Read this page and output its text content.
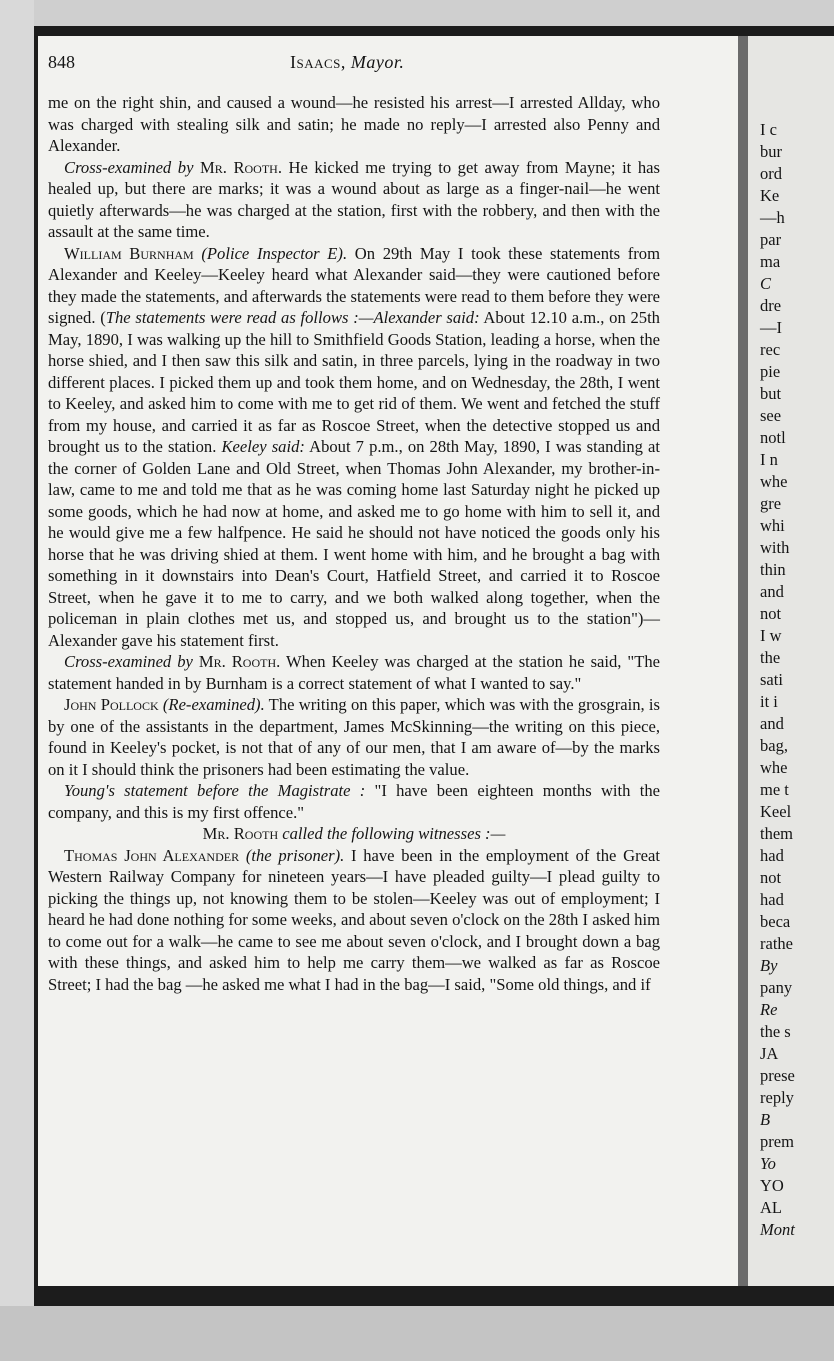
848	Isaacs, Mayor.

me on the right shin, and caused a wound—he resisted his arrest—I arrested Allday, who was charged with stealing silk and satin; he made no reply—I arrested also Penny and Alexander.

Cross-examined by Mr. Rooth. He kicked me trying to get away from Mayne; it has healed up, but there are marks; it was a wound about as large as a finger-nail—he went quietly afterwards—he was charged at the station, first with the robbery, and then with the assault at the same time.

William Burnham (Police Inspector E). On 29th May I took these statements from Alexander and Keeley—Keeley heard what Alexander said—they were cautioned before they made the statements, and afterwards the statements were read to them before they were signed. (The statements were read as follows :—Alexander said: About 12.10 a.m., on 25th May, 1890, I was walking up the hill to Smithfield Goods Station, leading a horse, when the horse shied, and I then saw this silk and satin, in three parcels, lying in the roadway in two different places. I picked them up and took them home, and on Wednesday, the 28th, I went to Keeley, and asked him to come with me to get rid of them. We went and fetched the stuff from my house, and carried it as far as Roscoe Street, when the detective stopped us and brought us to the station. Keeley said: About 7 p.m., on 28th May, 1890, I was standing at the corner of Golden Lane and Old Street, when Thomas John Alexander, my brother-in-law, came to me and told me that as he was coming home last Saturday night he picked up some goods, which he had now at home, and asked me to go home with him to sell it, and he would give me a few halfpence. He said he should not have noticed the goods only his horse that he was driving shied at them. I went home with him, and he brought a bag with something in it downstairs into Dean's Court, Hatfield Street, and carried it to Roscoe Street, when he gave it to me to carry, and we both walked along together, when the policeman in plain clothes met us, and stopped us, and brought us to the station")—Alexander gave his statement first.

Cross-examined by Mr. Rooth. When Keeley was charged at the station he said, "The statement handed in by Burnham is a correct statement of what I wanted to say."

John Pollock (Re-examined). The writing on this paper, which was with the grosgrain, is by one of the assistants in the department, James McSkinning—the writing on this piece, found in Keeley's pocket, is not that of any of our men, that I am aware of—by the marks on it I should think the prisoners had been estimating the value.

Young's statement before the Magistrate : "I have been eighteen months with the company, and this is my first offence."

Mr. Rooth called the following witnesses :—

Thomas John Alexander (the prisoner). I have been in the employment of the Great Western Railway Company for nineteen years—I have pleaded guilty—I plead guilty to picking the things up, not knowing them to be stolen—Keeley was out of employment; I heard he had done nothing for some weeks, and about seven o'clock on the 28th I asked him to come out for a walk—he came to see me about seven o'clock, and I brought down a bag with these things, and asked him to help me carry them—we walked as far as Roscoe Street; I had the bag —he asked me what I had in the bag—I said, "Some old things, and if

I c
bur
ord
Ke
—h
par
ma
C
dre
—I
rec
pie
but
see
notl
I n
whe
gre
whi
with
thin
and
not
I w
the
sati
it i
and
bag,
whe
me t
Keel
them
had
not
had
beca
rathe
By
pany
Re
the s
JA
prese
reply
B
prem
Yo
YO
AL
Mont
